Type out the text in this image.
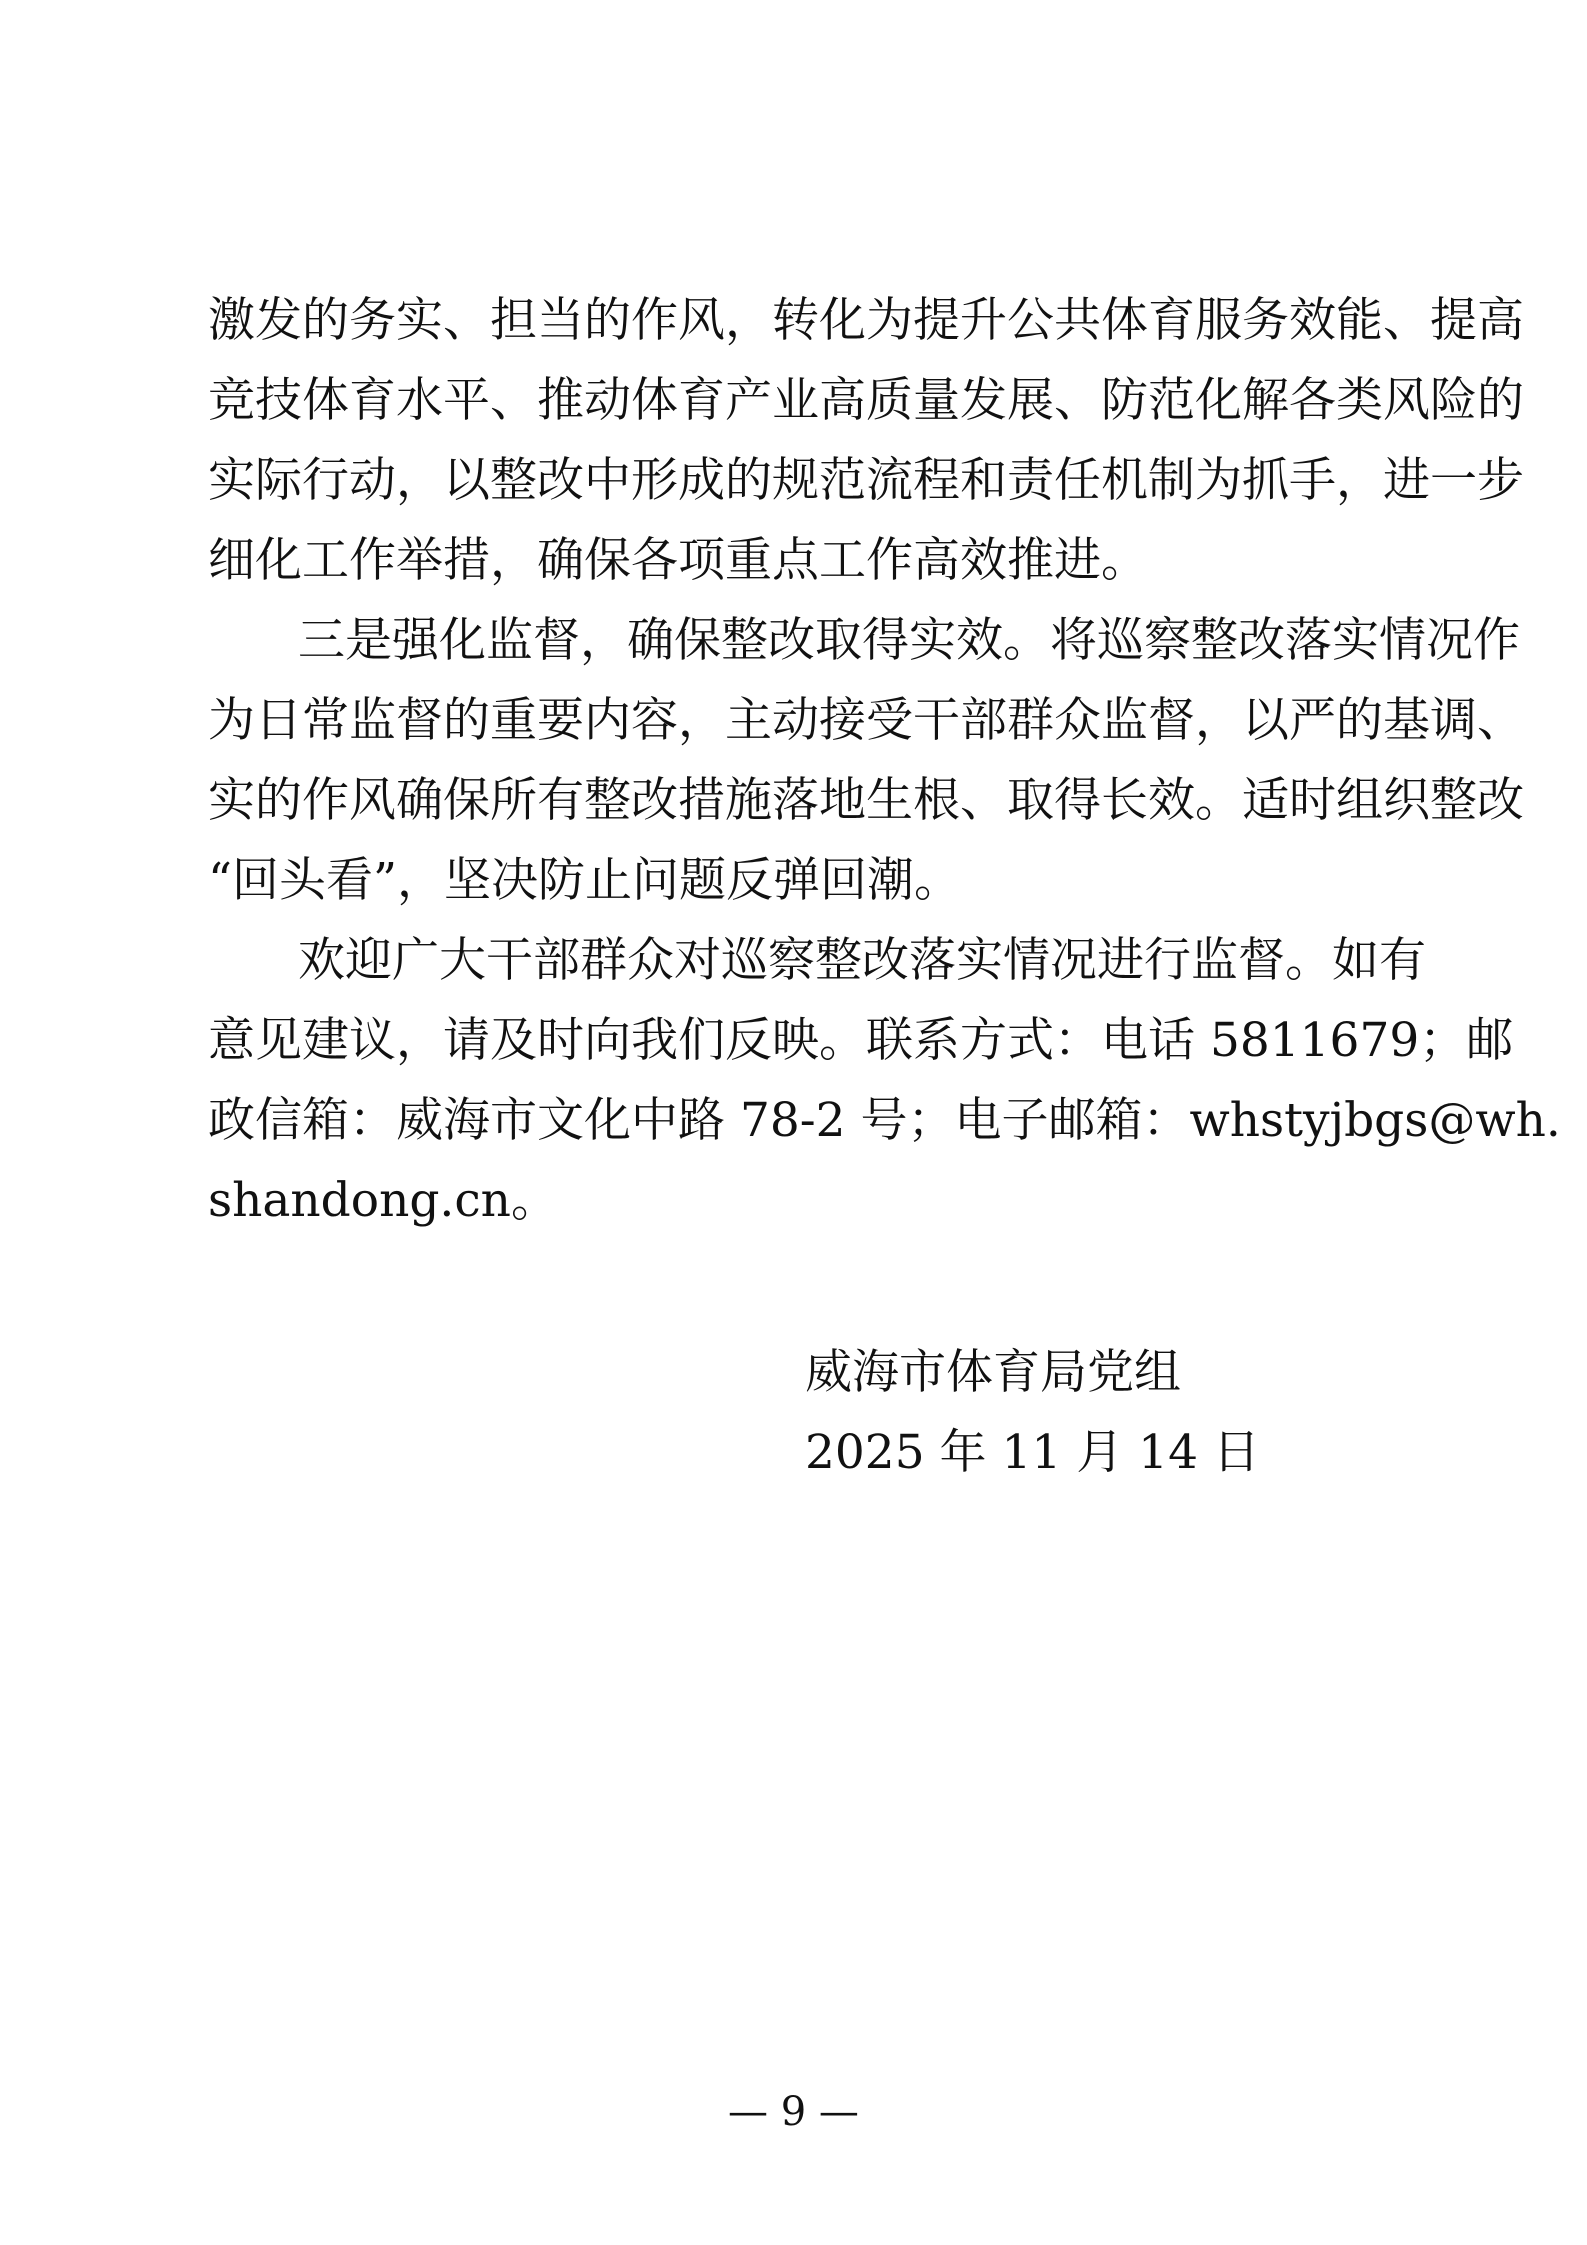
激发的务实、担当的作风，转化为提升公共体育服务效能、提高
竞技体育水平、推动体育产业高质量发展、防范化解各类风险的
实际行动，以整改中形成的规范流程和责任机制为抓手，进一步
细化工作举措，确保各项重点工作高效推进。
三是强化监督，确保整改取得实效。将巡察整改落实情况作
为日常监督的重要内容，主动接受干部群众监督，以严的基调、
实的作风确保所有整改措施落地生根、取得长效。适时组织整改
“回头看”，坚决防止问题反弹回潮。
欢迎广大干部群众对巡察整改落实情况进行监督。如有
意见建议，请及时向我们反映。联系方式：电话 5811679；邮
政信箱：威海市文化中路 78-2 号；电子邮箱：whstyjbgs@wh.
shandong.cn。
威海市体育局党组
2025 年 11 月 14 日
— 9 —
